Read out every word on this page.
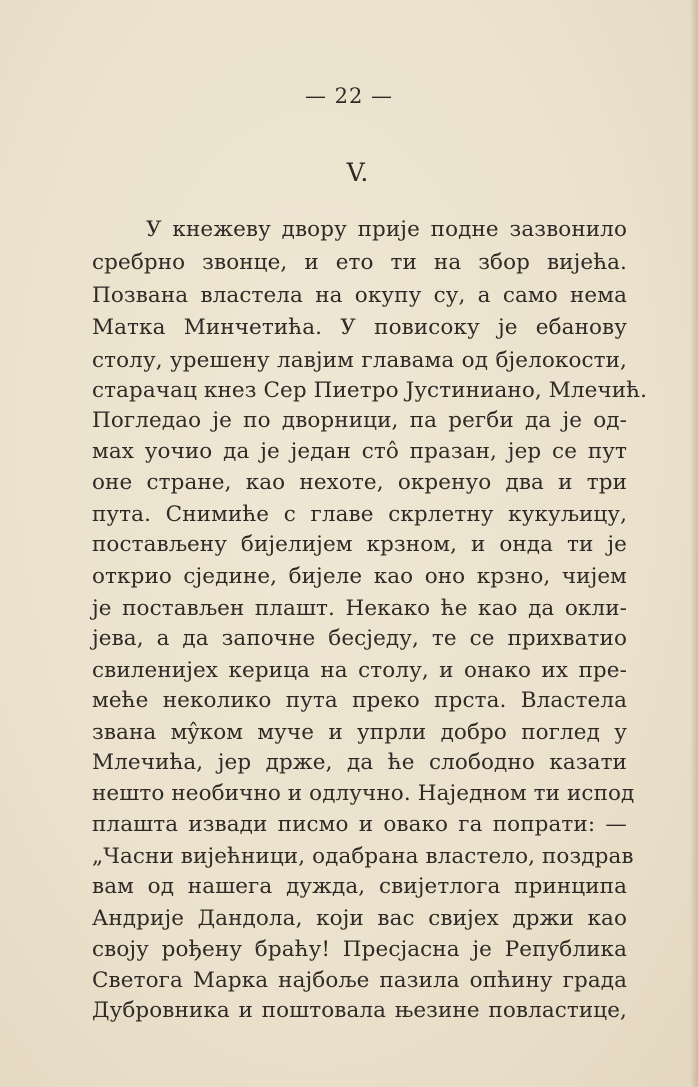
— 22 —
V.
У кнежеву двору прије подне зазвонило
сребрно звонце, и ето ти на збор вијећа.
Позвана властела на окупу су, а само нема
Матка Минчетића. У повисоку је ебанову
столу, урешену лавјим главама од бјелокости,
старачац кнез Сер Пиетро Јустиниано, Млечић.
Погледао је по дворници, па регби да је од-
мах уочио да је један стô празан, јер се пут
оне стране, као нехоте, окренуо два и три
пута. Снимиће с главе скрлетну кукуљицу,
постављену бијелијем крзном, и онда ти је
открио сједине, бијеле као оно крзно, чијем
је постављен плашт. Некако ће као да окли-
јева, а да започне бесједу, те се прихватио
свиленијех керица на столу, и онако их пре-
меће неколико пута преко прста. Властела
звана мŷком муче и упрли добро поглед у
Млечића, јер држе, да ће слободно казати
нешто необично и одлучно. Наједном ти испод
плашта извади писмо и овако га попрати: —
„Часни вијећници, одабрана властело, поздрав
вам од нашега дужда, свијетлога принципа
Андрије Дандола, који вас свијех држи као
своју рођену браћу! Пресјасна је Република
Светога Марка најбоље пазила опћину града
Дубровника и поштовала њезине повластице,
